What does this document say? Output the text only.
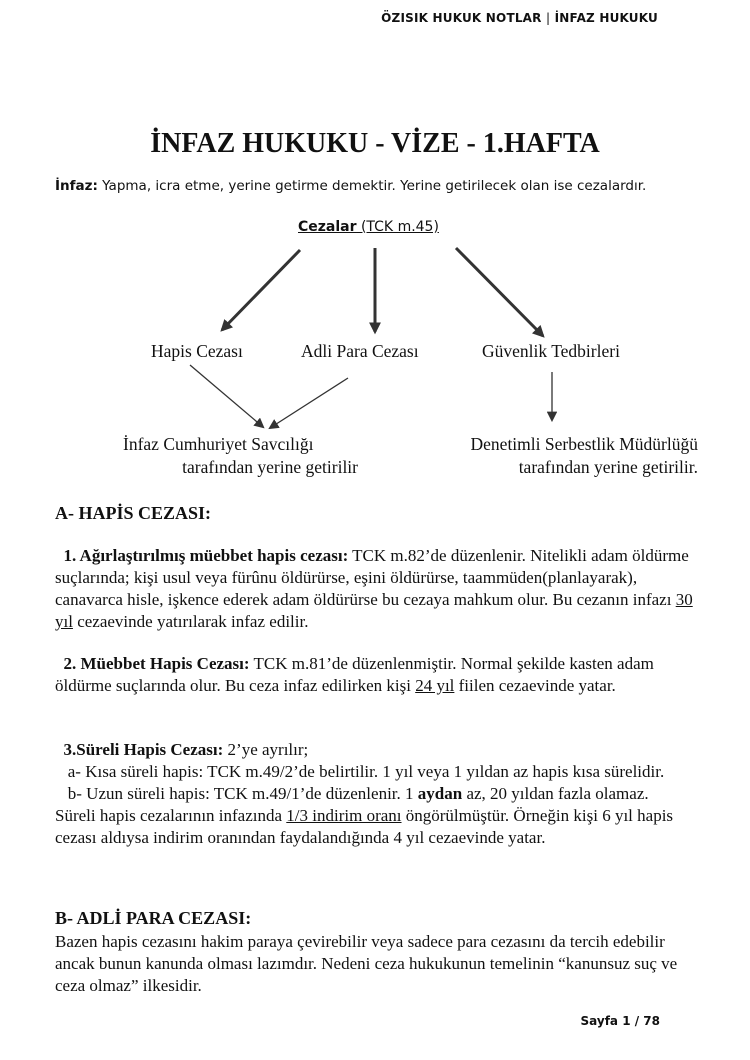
ÖZISIK HUKUK NOTLAR | İNFAZ HUKUKU
İNFAZ HUKUKU - VİZE - 1.HAFTA
İnfaz: Yapma, icra etme, yerine getirme demektir. Yerine getirilecek olan ise cezalardır.
Cezalar (TCK m.45)
Hapis Cezası	Adli Para Cezası	Güvenlik Tedbirleri
İnfaz Cumhuriyet Savcılığı
tarafından yerine getirilir
Denetimli Serbestlik Müdürlüğü
tarafından yerine getirilir.
A- HAPİS CEZASI:

1. Ağırlaştırılmış müebbet hapis cezası: TCK m.82’de düzenlenir. Nitelikli adam öldürme suçlarında; kişi usul veya fürûnu öldürürse, eşini öldürürse, taammüden(planlayarak), canavarca hisle, işkence ederek adam öldürürse bu cezaya mahkum olur. Bu cezanın infazı 30 yıl cezaevinde yatırılarak infaz edilir.

2. Müebbet Hapis Cezası: TCK m.81’de düzenlenmiştir. Normal şekilde kasten adam öldürme suçlarında olur. Bu ceza infaz edilirken kişi 24 yıl fiilen cezaevinde yatar.

3.Süreli Hapis Cezası: 2’ye ayrılır;

a- Kısa süreli hapis: TCK m.49/2’de belirtilir. 1 yıl veya 1 yıldan az hapis kısa sürelidir.

b- Uzun süreli hapis: TCK m.49/1’de düzenlenir. 1 aydan az, 20 yıldan fazla olamaz.

Süreli hapis cezalarının infazında 1/3 indirim oranı öngörülmüştür. Örneğin kişi 6 yıl hapis cezası aldıysa indirim oranından faydalandığında 4 yıl cezaevinde yatar.

B- ADLİ PARA CEZASI:
Bazen hapis cezasını hakim paraya çevirebilir veya sadece para cezasını da tercih edebilir ancak bunun kanunda olması lazımdır. Nedeni ceza hukukunun temelinin “kanunsuz suç ve ceza olmaz” ilkesidir.
Sayfa 1 / 78
